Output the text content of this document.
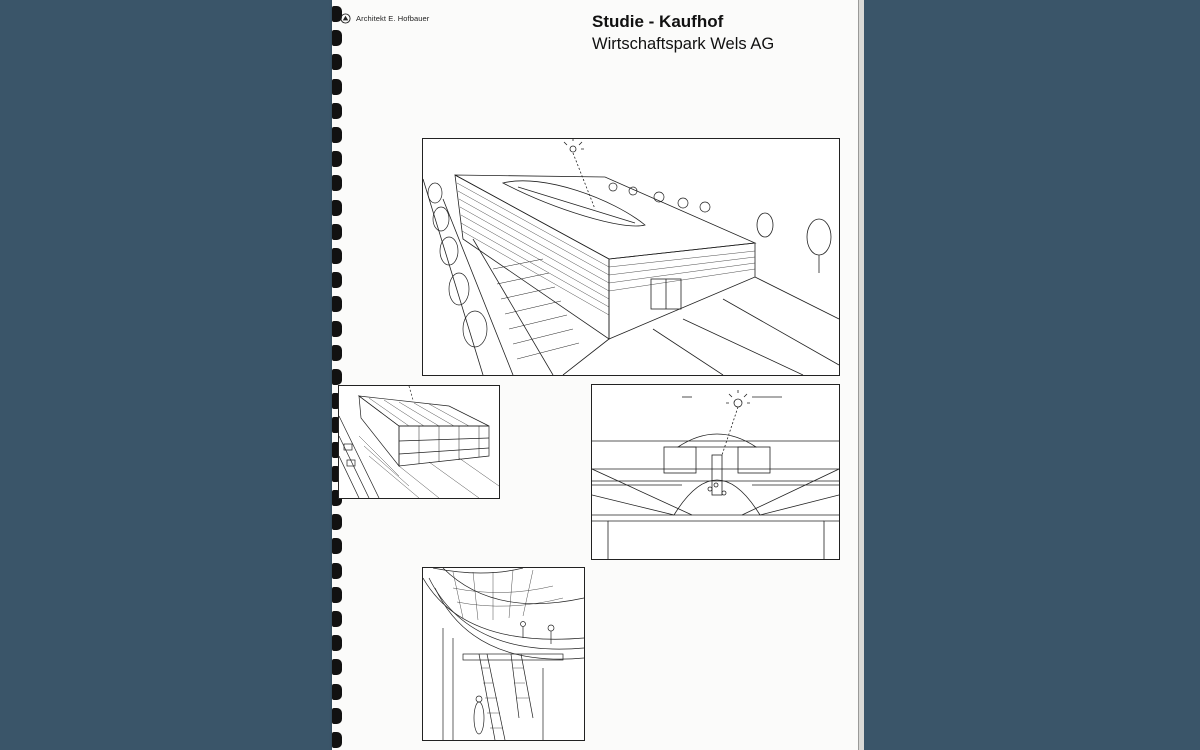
Architekt E. Hofbauer	Studie - Kaufhof
Wirtschaftspark Wels AG
